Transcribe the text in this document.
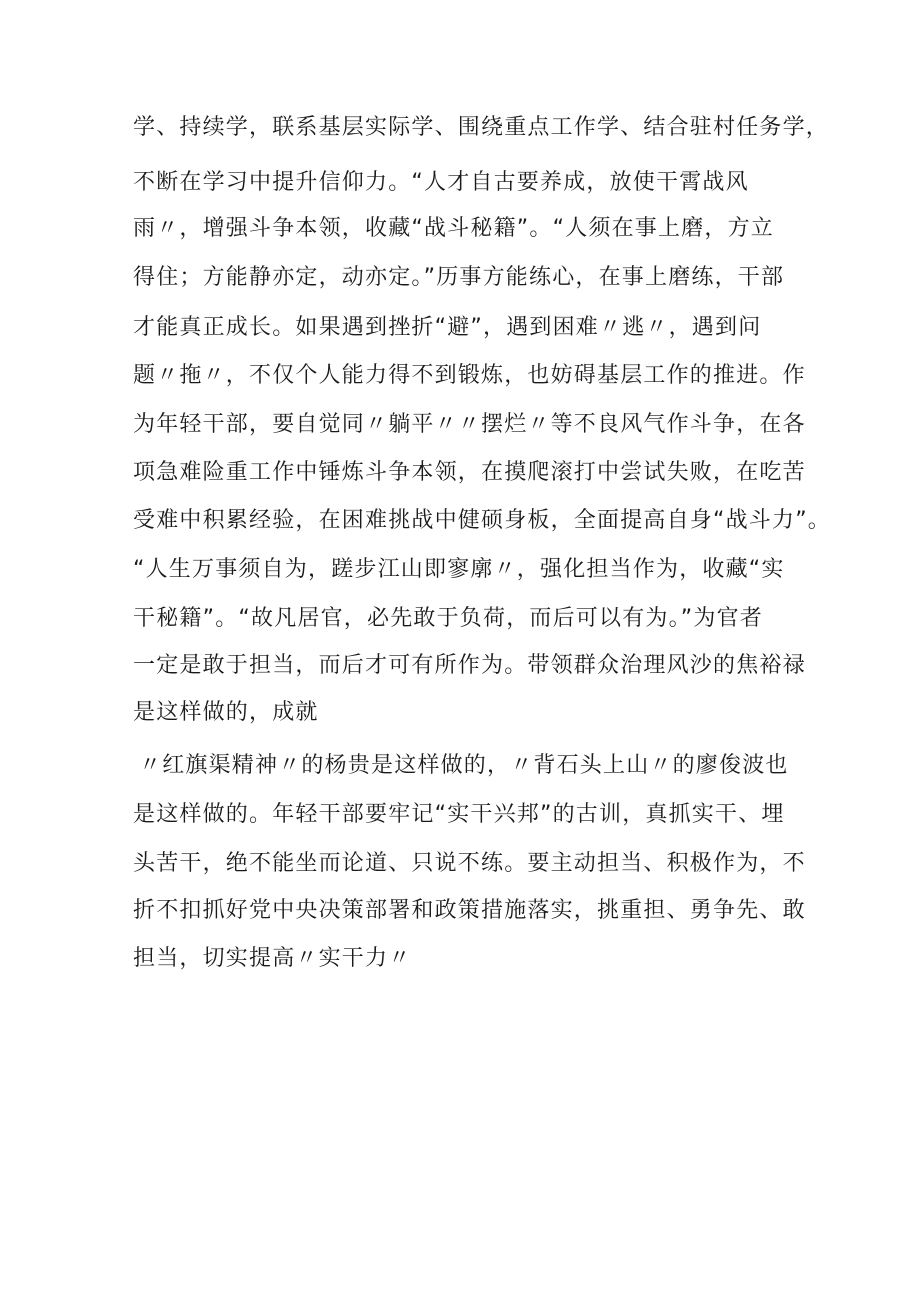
学、持续学，联系基层实际学、围绕重点工作学、结合驻村任务学，
不断在学习中提升信仰力。“人才自古要养成，放使干霄战风
雨〃，增强斗争本领，收藏“战斗秘籍”。“人须在事上磨，方立
得住；方能静亦定，动亦定。”历事方能练心，在事上磨练，干部
才能真正成长。如果遇到挫折“避”，遇到困难〃逃〃，遇到问
题〃拖〃，不仅个人能力得不到锻炼，也妨碍基层工作的推进。作
为年轻干部，要自觉同〃躺平〃〃摆烂〃等不良风气作斗争，在各
项急难险重工作中锤炼斗争本领，在摸爬滚打中尝试失败，在吃苦
受难中积累经验，在困难挑战中健硕身板，全面提高自身“战斗力”。
“人生万事须自为，蹉步江山即寥廓〃，强化担当作为，收藏“实
干秘籍”。“故凡居官，必先敢于负荷，而后可以有为。”为官者
一定是敢于担当，而后才可有所作为。带领群众治理风沙的焦裕禄
是这样做的，成就
〃红旗渠精神〃的杨贵是这样做的，〃背石头上山〃的廖俊波也
是这样做的。年轻干部要牢记“实干兴邦”的古训，真抓实干、埋
头苦干，绝不能坐而论道、只说不练。要主动担当、积极作为，不
折不扣抓好党中央决策部署和政策措施落实，挑重担、勇争先、敢
担当，切实提高〃实干力〃
